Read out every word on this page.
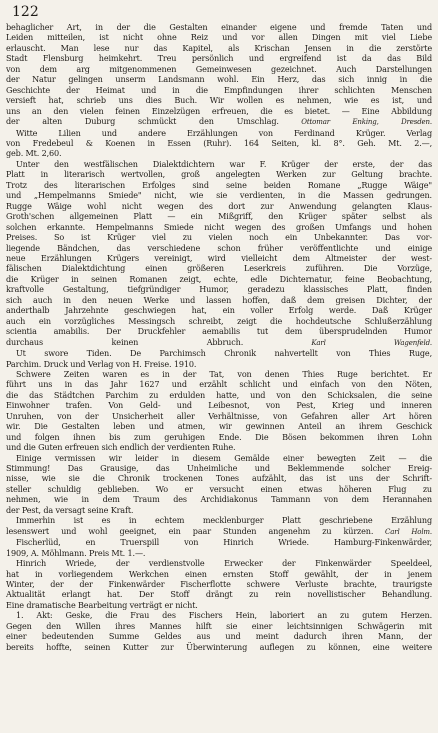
122
behaglicher Art, in der die Gestalten einander eigene und fremde Taten und
Leiden mitteilen, ist nicht ohne Reiz und vor allen Dingen mit viel Liebe
erlauscht. Man lese nur das Kapitel, als Krischan Jensen in die zerstörte
Stadt Flensburg heimkehrt. Treu persönlich und ergreifend ist da das Bild
von dem arg mitgenommenen Gemeinwesen gezeichnet. Auch Darstellungen
der Natur gelingen unserm Landsmann wohl. Ein Herz, das sich innig in die
Geschichte der Heimat und in die Empfindungen ihrer schlichten Menschen
versieft hat, schrieb uns dies Buch. Wir wollen es nehmen, wie es ist, und
uns an den vielen feinen Einzelzügen erfreuen, die es bietet. — Eine Abbildung
der alten Duburg schmückt den Umschlag. Ottomar Enking, Dresden.
Witte Lilien und andere Erzählungen von Ferdinand Krüger. Verlag
von Fredebeul & Koenen in Essen (Ruhr). 164 Seiten, kl. 8°. Geh. Mt. 2.—,
geb. Mt. 2,60.
Unter den westfälischen Dialektdichtern war F. Krüger der erste, der das
Platt in literarisch wertvollen, groß angelegten Werken zur Geltung brachte.
Trotz des literarischen Erfolges sind seine beiden Romane „Rugge Wäige"
und „Hempelmanns Smiede" nicht, wie sie verdienten, in die Massen gedrungen.
Rugge Wäige wohl nicht wegen des dort zur Anwendung gelangten Klaus-
Groth'schen allgemeinen Platt — ein Mißgriff, den Krüger später selbst als
solchen erkannte. Hempelmanns Smiede nicht wegen des großen Umfangs und hohen
Preises. So ist Krüger viel zu vielen noch ein Unbekannter. Das vor-
liegende Bändchen, das verschiedene schon früher veröffentlichte und einige
neue Erzählungen Krügers vereinigt, wird vielleicht dem Altmeister der west-
fälischen Dialektdichtung einen größeren Leserkreis zuführen. Die Vorzüge,
die Krüger in seinen Romanen zeigt, echte, edle Dichternatur, feine Beobachtung,
kraftvolle Gestaltung, tiefgründiger Humor, geradezu klassisches Platt, finden
sich auch in den neuen Werke und lassen hoffen, daß dem greisen Dichter, der
anderthalb Jahrzehnte geschwiegen hat, ein voller Erfolg werde. Daß Krüger
auch ein vorzügliches Messingsch schreibt, zeigt die hochdeutsche Schlußerzählung
scientia amabilis. Der Druckfehler aemabilis tut dem übersprudelnden Humor
durchaus keinen Abbruch. Karl Wagenfeld.
Ut swore Tiden. De Parchimsch Chronik nahvertellt von Thies Ruge,
Parchim. Druck und Verlag von H. Freise. 1910.
Schwere Zeiten waren es in der Tat, von denen Thies Ruge berichtet. Er
führt uns in das Jahr 1627 und erzählt schlicht und einfach von den Nöten,
die das Städtchen Parchim zu erdulden hatte, und von den Schicksalen, die seine
Einwohner trafen. Von Geld- und Leibesnot, von Pest, Krieg und inneren
Unruhen, von der Unsicherheit aller Verhältnisse, von Gefahren aller Art hören
wir. Die Gestalten leben und atmen, wir gewinnen Anteil an ihrem Geschick
und folgen ihnen bis zum geruhigen Ende. Die Bösen bekommen ihren Lohn
und die Guten erfreuen sich endlich der verdienten Ruhe.
Einige vermissen wir leider in diesem Gemälde einer bewegten Zeit — die
Stimmung! Das Grausige, das Unheimliche und Beklemmende solcher Ereig-
nisse, wie sie die Chronik trockenen Tones aufzählt, das ist uns der Schrift-
steller schuldig geblieben. Wo er versucht einen etwas höheren Flug zu
nehmen, wie in dem Traum des Archidiakonus Tammann von dem Herannahen
der Pest, da versagt seine Kraft.
Immerhin ist es in echtem mecklenburger Platt geschriebene Erzählung
lesenswert und wohl geeignet, ein paar Stunden angenehm zu kürzen. Carl Holm.
Fischerlüd, en Truerspill von Hinrich Wriede. Hamburg-Finkenwärder,
1909, A. Möhlmann. Preis Mt. 1.—.
Hinrich Wriede, der verdienstvolle Erwecker der Finkenwärder Speeldeel,
hat in vorliegendem Werkchen einen ernsten Stoff gewählt, der in jenem
Winter, der der Finkenwärder Fischerflotte schwere Verluste brachte, traurigste
Aktualität erlangt hat. Der Stoff drängt zu rein novellistischer Behandlung.
Eine dramatische Bearbeitung verträgt er nicht.
1. Akt: Geske, die Frau des Fischers Hein, laboriert an zu gutem Herzen.
Gegen den Willen ihres Mannes hilft sie einer leichtsinnigen Schwägerin mit
einer bedeutenden Summe Geldes aus und meint dadurch ihren Mann, der
bereits hoffte, seinen Kutter zur Überwinterung auflegen zu können, eine weitere
